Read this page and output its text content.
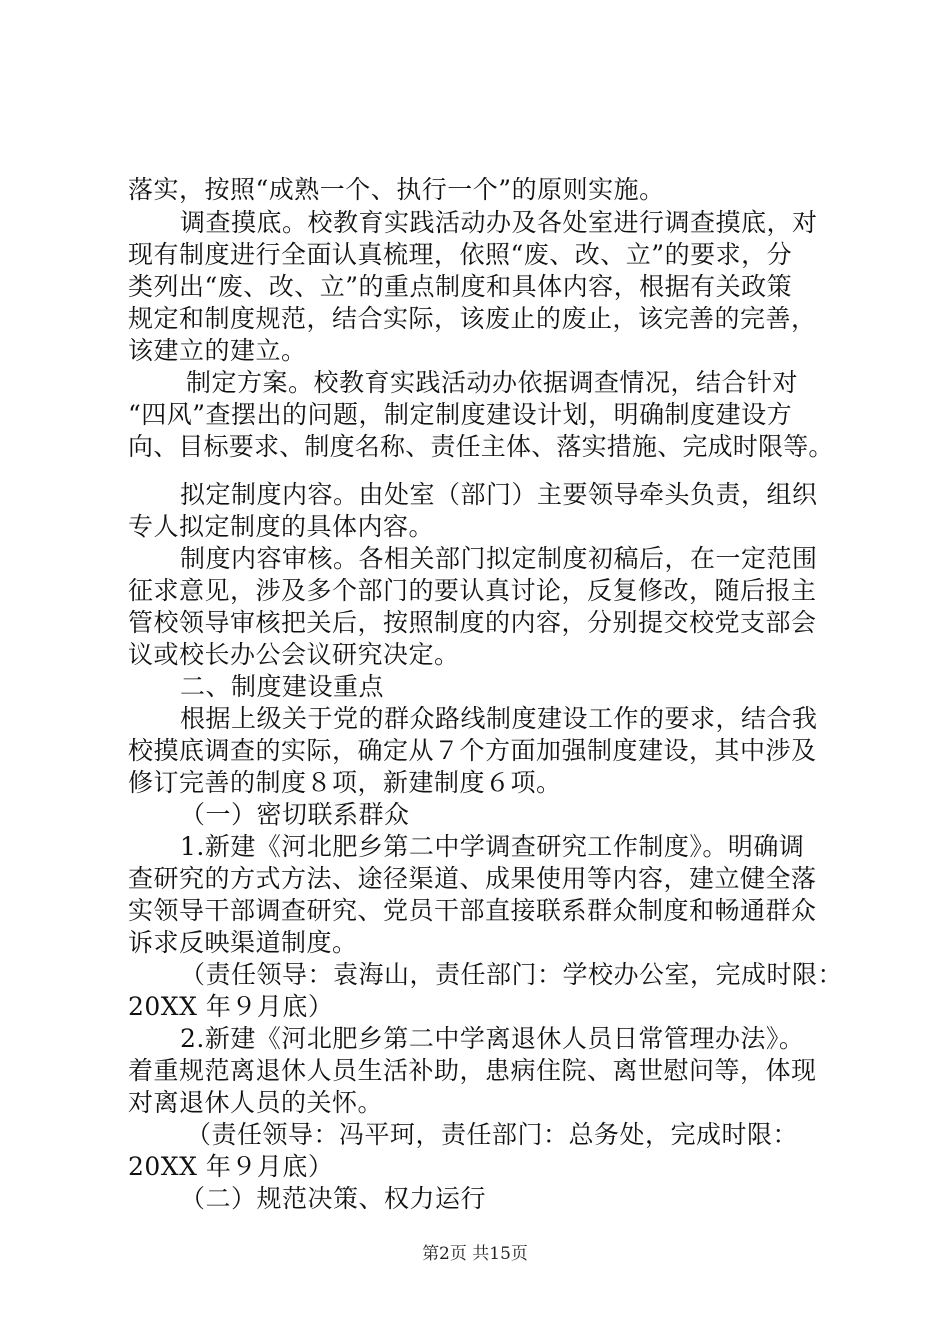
落实，按照“成熟一个、执行一个”的原则实施。
调查摸底。校教育实践活动办及各处室进行调查摸底，对
现有制度进行全面认真梳理，依照“废、改、立”的要求，分
类列出“废、改、立”的重点制度和具体内容，根据有关政策
规定和制度规范，结合实际，该废止的废止，该完善的完善，
该建立的建立。
制定方案。校教育实践活动办依据调查情况，结合针对
“四风”查摆出的问题，制定制度建设计划，明确制度建设方
向、目标要求、制度名称、责任主体、落实措施、完成时限等。
拟定制度内容。由处室（部门）主要领导牵头负责，组织
专人拟定制度的具体内容。
制度内容审核。各相关部门拟定制度初稿后，在一定范围
征求意见，涉及多个部门的要认真讨论，反复修改，随后报主
管校领导审核把关后，按照制度的内容，分别提交校党支部会
议或校长办公会议研究决定。
二、制度建设重点
根据上级关于党的群众路线制度建设工作的要求，结合我
校摸底调查的实际，确定从７个方面加强制度建设，其中涉及
修订完善的制度８项，新建制度６项。
（一）密切联系群众
1.新建《河北肥乡第二中学调查研究工作制度》。明确调
查研究的方式方法、途径渠道、成果使用等内容，建立健全落
实领导干部调查研究、党员干部直接联系群众制度和畅通群众
诉求反映渠道制度。
（责任领导：袁海山，责任部门：学校办公室，完成时限：
20XX 年９月底）
2.新建《河北肥乡第二中学离退休人员日常管理办法》。
着重规范离退休人员生活补助，患病住院、离世慰问等，体现
对离退休人员的关怀。
（责任领导：冯平珂，责任部门：总务处，完成时限：
20XX 年９月底）
（二）规范决策、权力运行
第2页 共15页
